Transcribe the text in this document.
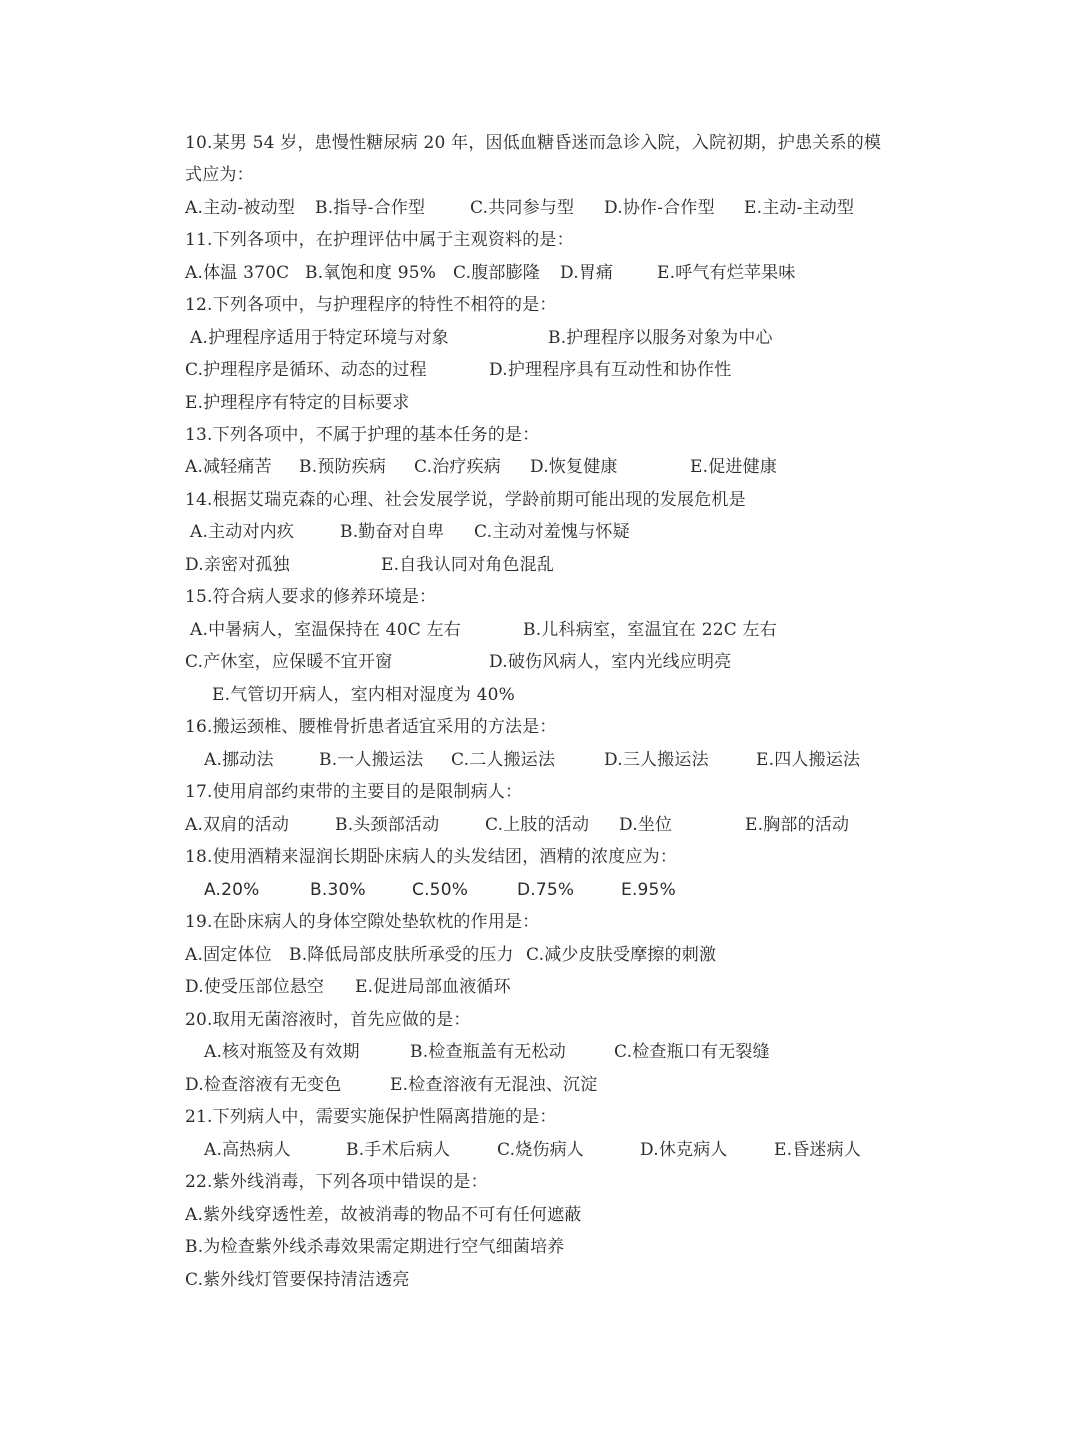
10.某男 54 岁，患慢性糖尿病 20 年，因低血糖昏迷而急诊入院，入院初期，护患关系的模
式应为：
A.主动-被动型 B.指导-合作型	C.共同参与型 D.协作-合作型 E.主动-主动型
11.下列各项中，在护理评估中属于主观资料的是：
A.体温 370C B.氧饱和度 95% C.腹部膨隆 D.胃痛	E.呼气有烂苹果味
12.下列各项中，与护理程序的特性不相符的是：
A.护理程序适用于特定环境与对象	B.护理程序以服务对象为中心
C.护理程序是循环、动态的过程	D.护理程序具有互动性和协作性
E.护理程序有特定的目标要求
13.下列各项中，不属于护理的基本任务的是：
A.减轻痛苦 B.预防疾病 C.治疗疾病 D.恢复健康	E.促进健康
14.根据艾瑞克森的心理、社会发展学说，学龄前期可能出现的发展危机是
A.主动对内疚	B.勤奋对自卑 C.主动对羞愧与怀疑
D.亲密对孤独	E.自我认同对角色混乱
15.符合病人要求的修养环境是：
A.中暑病人，室温保持在 40C 左右	B.儿科病室，室温宜在 22C 左右
C.产休室，应保暖不宜开窗	D.破伤风病人，室内光线应明亮
E.气管切开病人，室内相对湿度为 40%
16.搬运颈椎、腰椎骨折患者适宜采用的方法是：
A.挪动法	B.一人搬运法 C.二人搬运法	D.三人搬运法	E.四人搬运法
17.使用肩部约束带的主要目的是限制病人：
A.双肩的活动	B.头颈部活动	C.上肢的活动 D.坐位	E.胸部的活动
18.使用酒精来湿润长期卧床病人的头发结团，酒精的浓度应为：
A.20%	B.30%	C.50%	D.75%	E.95%
19.在卧床病人的身体空隙处垫软枕的作用是：
A.固定体位 B.降低局部皮肤所承受的压力 C.减少皮肤受摩擦的刺激
D.使受压部位悬空 E.促进局部血液循环
20.取用无菌溶液时，首先应做的是：
A.核对瓶签及有效期	B.检查瓶盖有无松动	C.检查瓶口有无裂缝
D.检查溶液有无变色	E.检查溶液有无混浊、沉淀
21.下列病人中，需要实施保护性隔离措施的是：
A.高热病人	B.手术后病人	C.烧伤病人	D.休克病人	E.昏迷病人
22.紫外线消毒，下列各项中错误的是：
A.紫外线穿透性差，故被消毒的物品不可有任何遮蔽
B.为检查紫外线杀毒效果需定期进行空气细菌培养
C.紫外线灯管要保持清洁透亮
